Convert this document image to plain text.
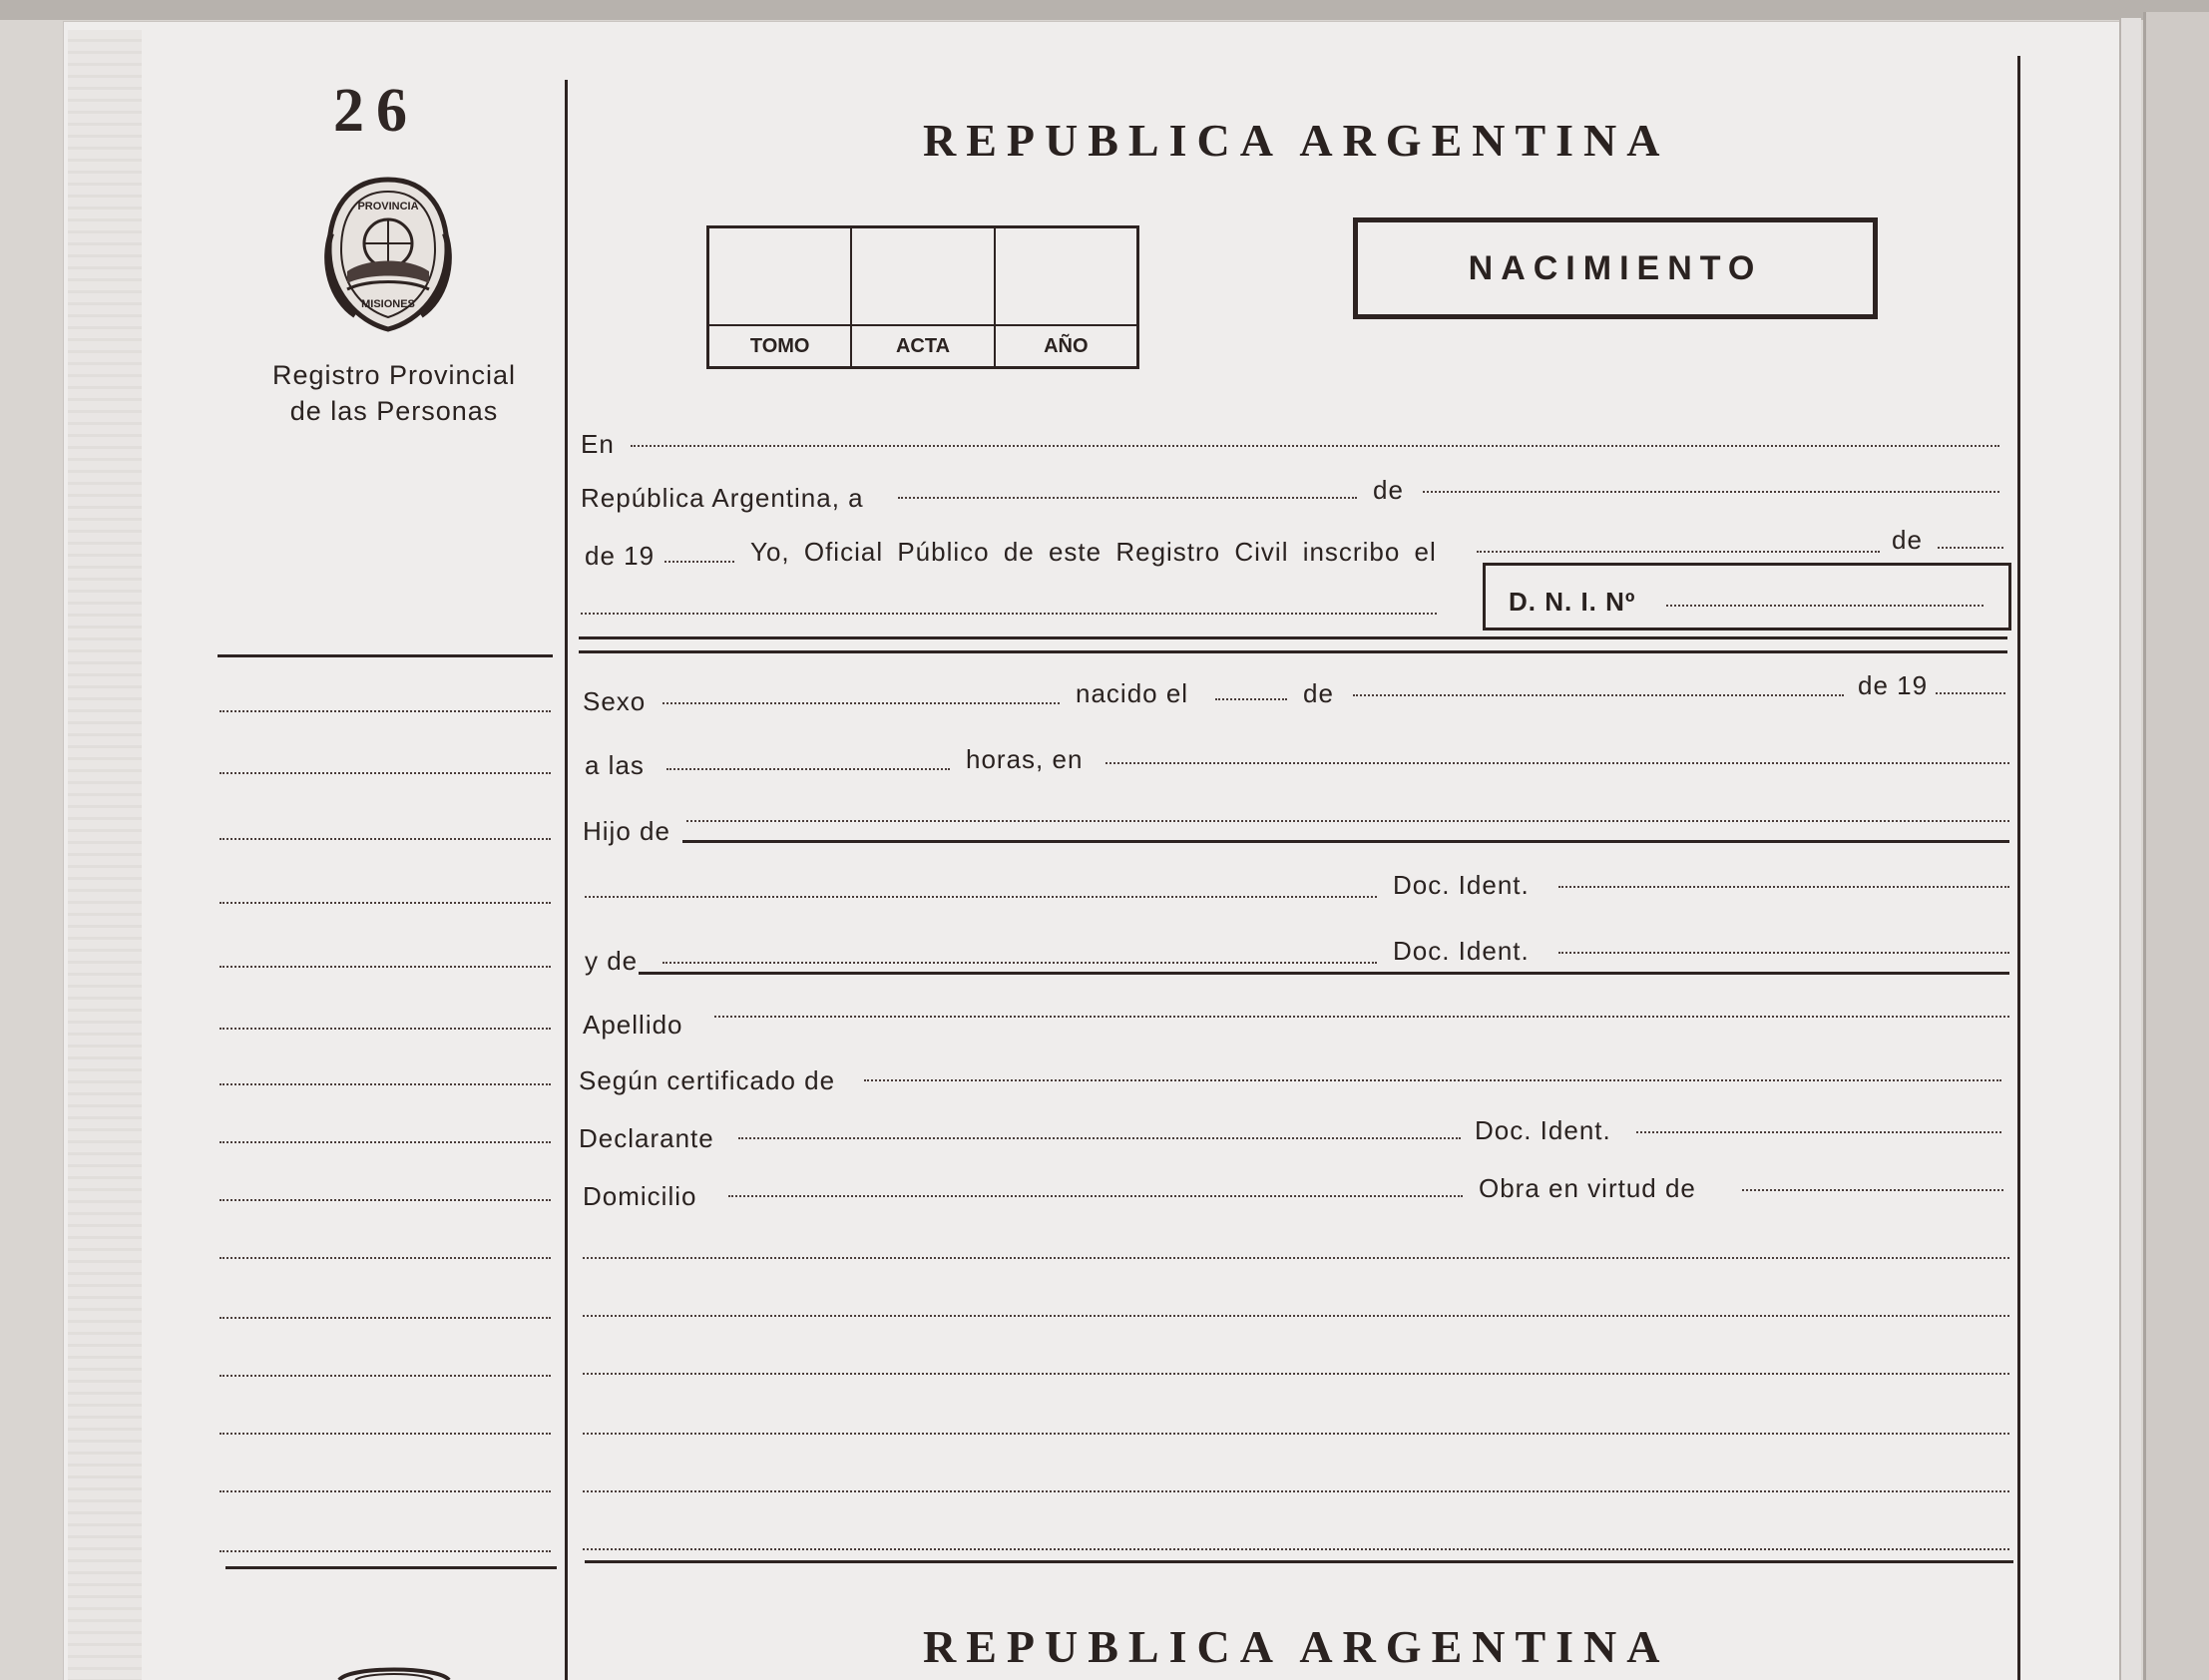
26
PROVINCIA
MISIONES
Registro Provincial
de las Personas
REPUBLICA ARGENTINA
TOMO	ACTA	AÑO
NACIMIENTO
En
República Argentina, a	de
de 19	Yo, Oficial Público de este Registro Civil inscribo el	de
D. N. I. Nº
Sexo	nacido el	de	de 19
a las	horas, en
Hijo de
Doc. Ident.
y de	Doc. Ident.
Apellido
Según certificado de
Declarante	Doc. Ident.
Domicilio	Obra en virtud de
REPUBLICA ARGENTINA
